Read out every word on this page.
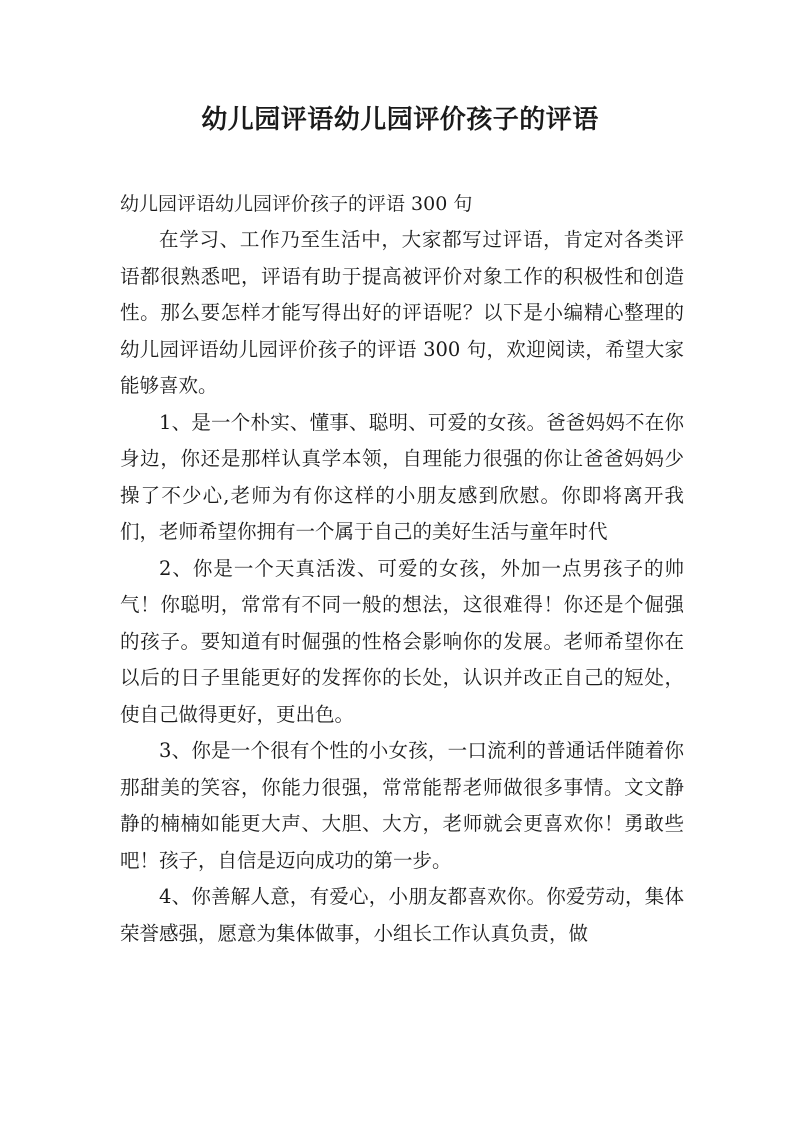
幼儿园评语幼儿园评价孩子的评语

幼儿园评语幼儿园评价孩子的评语 300 句

在学习、工作乃至生活中，大家都写过评语，肯定对各类评语都很熟悉吧，评语有助于提高被评价对象工作的积极性和创造性。那么要怎样才能写得出好的评语呢？以下是小编精心整理的幼儿园评语幼儿园评价孩子的评语 300 句，欢迎阅读，希望大家能够喜欢。

1、是一个朴实、懂事、聪明、可爱的女孩。爸爸妈妈不在你身边，你还是那样认真学本领，自理能力很强的你让爸爸妈妈少操了不少心,老师为有你这样的小朋友感到欣慰。你即将离开我们，老师希望你拥有一个属于自己的美好生活与童年时代

2、你是一个天真活泼、可爱的女孩，外加一点男孩子的帅气！你聪明，常常有不同一般的想法，这很难得！你还是个倔强的孩子。要知道有时倔强的性格会影响你的发展。老师希望你在以后的日子里能更好的发挥你的长处，认识并改正自己的短处，使自己做得更好，更出色。

3、你是一个很有个性的小女孩，一口流利的普通话伴随着你那甜美的笑容，你能力很强，常常能帮老师做很多事情。文文静静的楠楠如能更大声、大胆、大方，老师就会更喜欢你！勇敢些吧！孩子，自信是迈向成功的第一步。

4、你善解人意，有爱心，小朋友都喜欢你。你爱劳动，集体荣誉感强，愿意为集体做事，小组长工作认真负责，做
